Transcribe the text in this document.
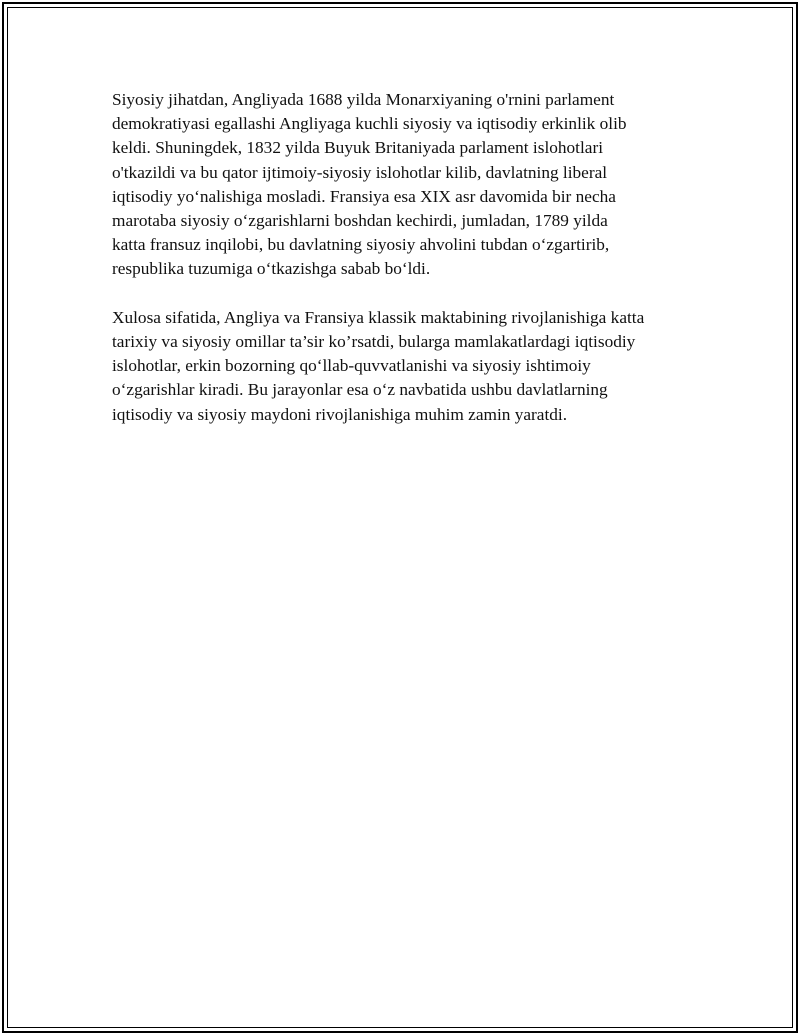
Siyosiy jihatdan, Angliyada 1688 yilda Monarxiyaning o'rnini parlament
demokratiyasi egallashi Angliyaga kuchli siyosiy va iqtisodiy erkinlik olib
keldi. Shuningdek, 1832 yilda Buyuk Britaniyada parlament islohotlari
o'tkazildi va bu qator ijtimoiy-siyosiy islohotlar kilib, davlatning liberal
iqtisodiy yo‘nalishiga mosladi. Fransiya esa XIX asr davomida bir necha
marotaba siyosiy o‘zgarishlarni boshdan kechirdi, jumladan, 1789 yilda
katta fransuz inqilobi, bu davlatning siyosiy ahvolini tubdan o‘zgartirib,
respublika tuzumiga o‘tkazishga sabab bo‘ldi.

Xulosa sifatida, Angliya va Fransiya klassik maktabining rivojlanishiga katta
tarixiy va siyosiy omillar ta’sir ko’rsatdi, bularga mamlakatlardagi iqtisodiy
islohotlar, erkin bozorning qo‘llab-quvvatlanishi va siyosiy ishtimoiy
o‘zgarishlar kiradi. Bu jarayonlar esa o‘z navbatida ushbu davlatlarning
iqtisodiy va siyosiy maydoni rivojlanishiga muhim zamin yaratdi.
